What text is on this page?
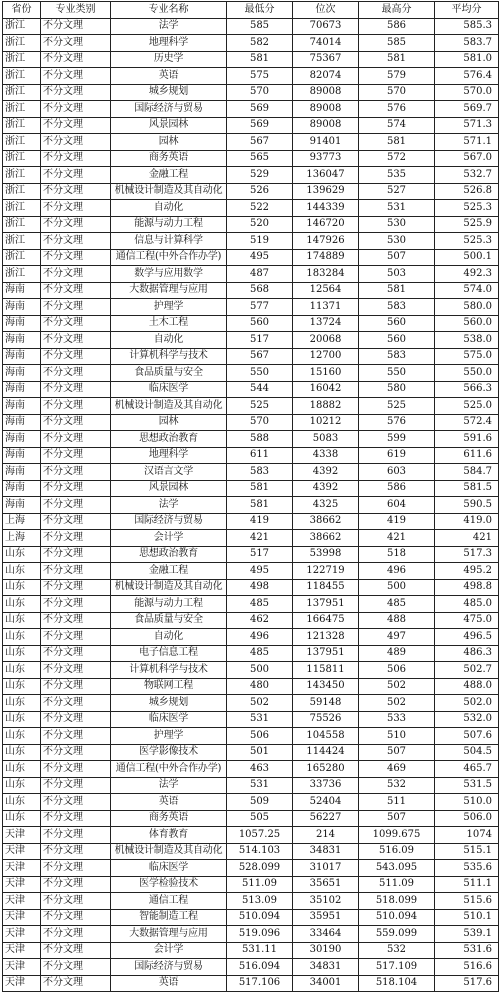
省份	专业类别	专业名称	最低分	位次	最高分	平均分
浙江	不分文理	法学	585	70673	586	585.3
浙江	不分文理	地理科学	582	74014	585	583.7
浙江	不分文理	历史学	581	75367	581	581.0
浙江	不分文理	英语	575	82074	579	576.4
浙江	不分文理	城乡规划	570	89008	570	570.0
浙江	不分文理	国际经济与贸易	569	89008	576	569.7
浙江	不分文理	风景园林	569	89008	574	571.3
浙江	不分文理	园林	567	91401	581	571.1
浙江	不分文理	商务英语	565	93773	572	567.0
浙江	不分文理	金融工程	529	136047	535	532.7
浙江	不分文理	机械设计制造及其自动化	526	139629	527	526.8
浙江	不分文理	自动化	522	144339	531	525.3
浙江	不分文理	能源与动力工程	520	146720	530	525.9
浙江	不分文理	信息与计算科学	519	147926	530	525.3
浙江	不分文理	通信工程(中外合作办学)	495	174889	507	500.1
浙江	不分文理	数学与应用数学	487	183284	503	492.3
海南	不分文理	大数据管理与应用	568	12564	581	574.0
海南	不分文理	护理学	577	11371	583	580.0
海南	不分文理	土木工程	560	13724	560	560.0
海南	不分文理	自动化	517	20068	560	538.0
海南	不分文理	计算机科学与技术	567	12700	583	575.0
海南	不分文理	食品质量与安全	550	15160	550	550.0
海南	不分文理	临床医学	544	16042	580	566.3
海南	不分文理	机械设计制造及其自动化	525	18882	525	525.0
海南	不分文理	园林	570	10212	576	572.4
海南	不分文理	思想政治教育	588	5083	599	591.6
海南	不分文理	地理科学	611	4338	619	611.6
海南	不分文理	汉语言文学	583	4392	603	584.7
海南	不分文理	风景园林	581	4392	586	581.5
海南	不分文理	法学	581	4325	604	590.5
上海	不分文理	国际经济与贸易	419	38662	419	419.0
上海	不分文理	会计学	421	38662	421	421
山东	不分文理	思想政治教育	517	53998	518	517.3
山东	不分文理	金融工程	495	122719	496	495.2
山东	不分文理	机械设计制造及其自动化	498	118455	500	498.8
山东	不分文理	能源与动力工程	485	137951	485	485.0
山东	不分文理	食品质量与安全	462	166475	488	475.0
山东	不分文理	自动化	496	121328	497	496.5
山东	不分文理	电子信息工程	485	137951	489	486.3
山东	不分文理	计算机科学与技术	500	115811	506	502.7
山东	不分文理	物联网工程	480	143450	502	488.0
山东	不分文理	城乡规划	502	59148	502	502.0
山东	不分文理	临床医学	531	75526	533	532.0
山东	不分文理	护理学	506	104558	510	507.6
山东	不分文理	医学影像技术	501	114424	507	504.5
山东	不分文理	通信工程(中外合作办学)	463	165280	469	465.7
山东	不分文理	法学	531	33736	532	531.5
山东	不分文理	英语	509	52404	511	510.0
山东	不分文理	商务英语	505	56227	507	506.0
天津	不分文理	体育教育	1057.25	214	1099.675	1074
天津	不分文理	机械设计制造及其自动化	514.103	34831	516.09	515.1
天津	不分文理	临床医学	528.099	31017	543.095	535.6
天津	不分文理	医学检验技术	511.09	35651	511.09	511.1
天津	不分文理	通信工程	513.09	35102	518.099	515.6
天津	不分文理	智能制造工程	510.094	35951	510.094	510.1
天津	不分文理	大数据管理与应用	519.096	33464	559.099	539.1
天津	不分文理	会计学	531.11	30190	532	531.6
天津	不分文理	国际经济与贸易	516.094	34831	517.109	516.6
天津	不分文理	英语	517.106	34001	518.104	517.6
